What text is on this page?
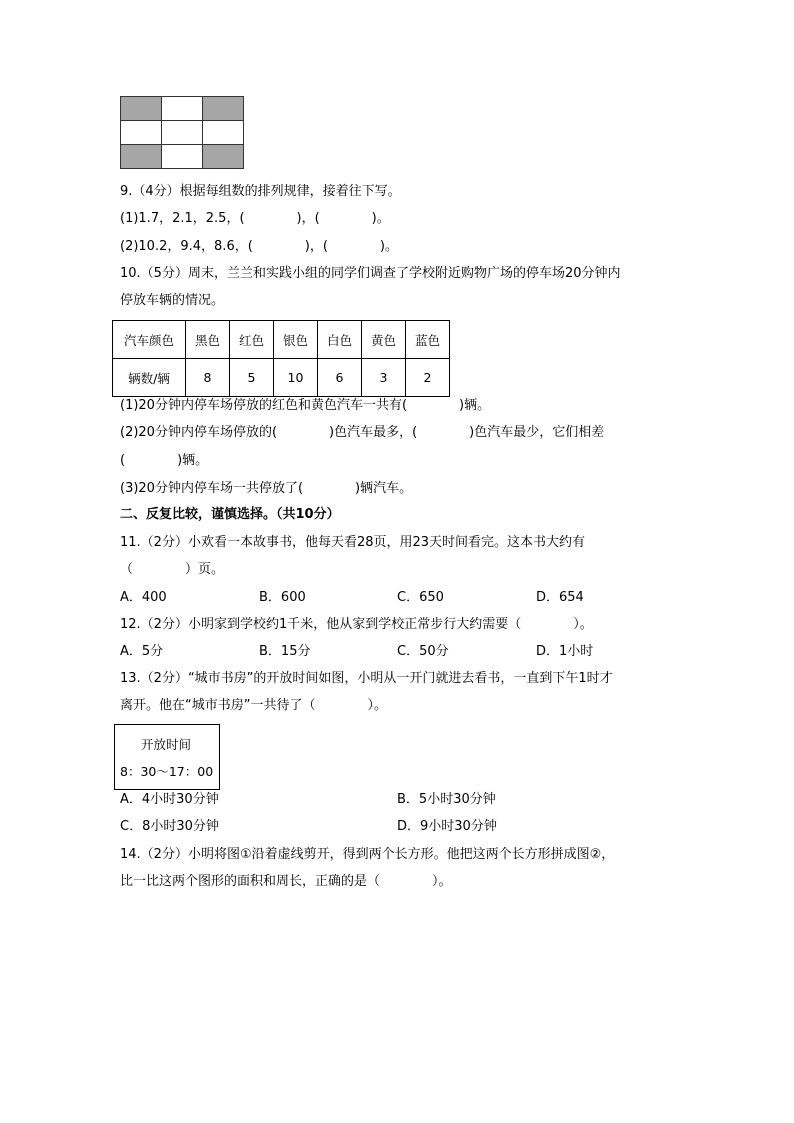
9.（4分）根据每组数的排列规律，接着往下写。
(1)1.7，2.1，2.5，(　　　　)，(　　　　)。
(2)10.2，9.4，8.6，(　　　　)，(　　　　)。
10.（5分）周末，兰兰和实践小组的同学们调查了学校附近购物广场的停车场20分钟内
停放车辆的情况。
汽车颜色	黑色	红色	银色	白色	黄色	蓝色
辆数/辆	8	5	10	6	3	2
(1)20分钟内停车场停放的红色和黄色汽车一共有(　　　　)辆。
(2)20分钟内停车场停放的(　　　　)色汽车最多，(　　　　)色汽车最少，它们相差
(　　　　)辆。
(3)20分钟内停车场一共停放了(　　　　)辆汽车。
二、反复比较，谨慎选择。（共10分）
11.（2分）小欢看一本故事书，他每天看28页，用23天时间看完。这本书大约有
（　　　　）页。
A．400	B．600	C．650	D．654
12.（2分）小明家到学校约1千米，他从家到学校正常步行大约需要（　　　　）。
A．5分	B．15分	C．50分	D．1小时
13.（2分）“城市书房”的开放时间如图，小明从一开门就进去看书，一直到下午1时才
离开。他在“城市书房”一共待了（　　　　）。
开放时间
8：30～17：00
A．4小时30分钟	B．5小时30分钟
C．8小时30分钟	D．9小时30分钟
14.（2分）小明将图①沿着虚线剪开，得到两个长方形。他把这两个长方形拼成图②，
比一比这两个图形的面积和周长，正确的是（　　　　）。
